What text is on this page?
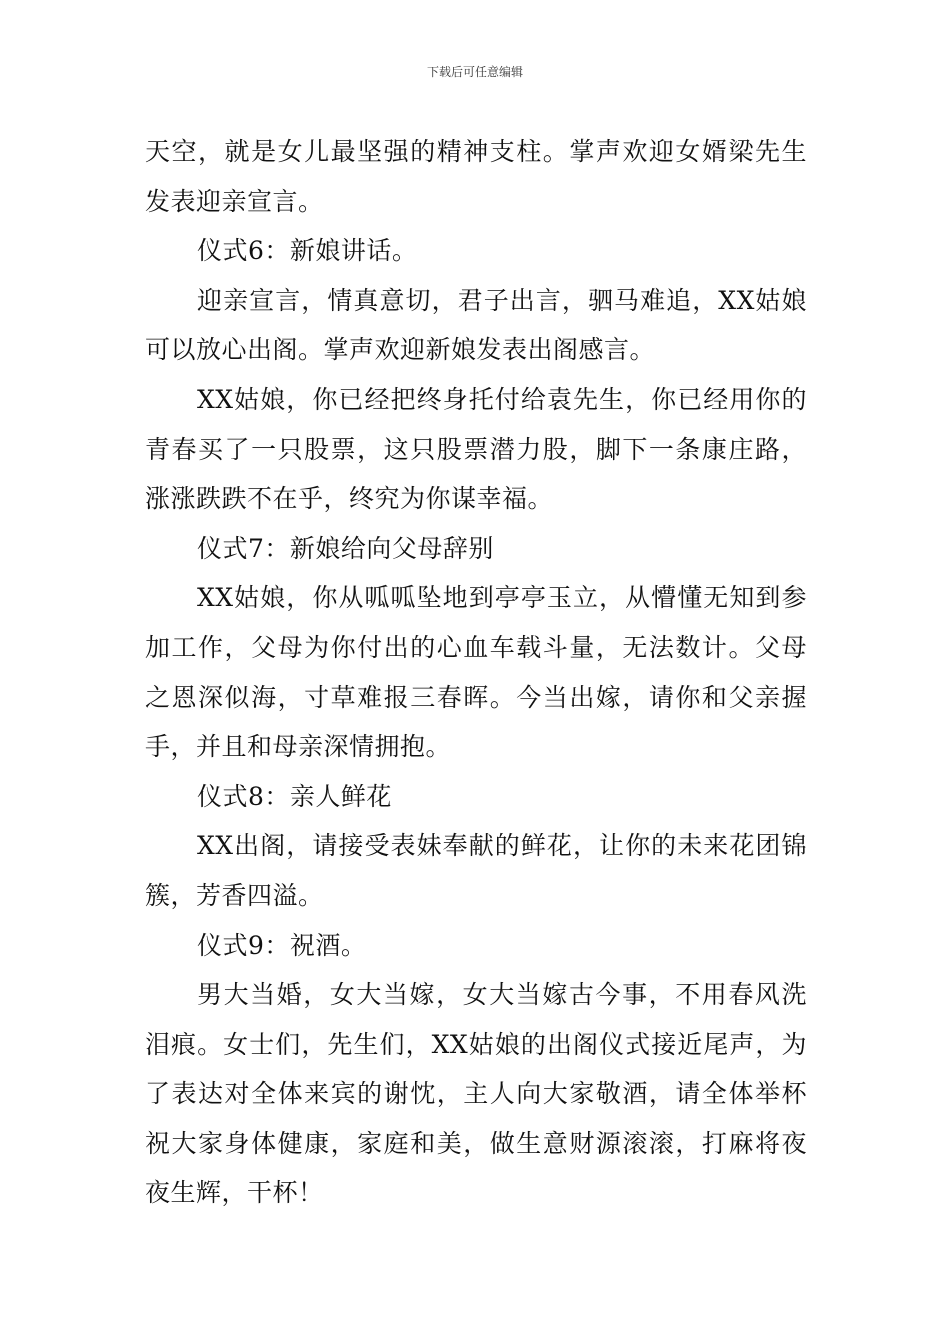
下载后可任意编辑

天空，就是女儿最坚强的精神支柱。掌声欢迎女婿梁先生发表迎亲宣言。

仪式6：新娘讲话。

迎亲宣言，情真意切，君子出言，驷马难追，XX姑娘可以放心出阁。掌声欢迎新娘发表出阁感言。

XX姑娘，你已经把终身托付给袁先生，你已经用你的青春买了一只股票，这只股票潜力股，脚下一条康庄路，涨涨跌跌不在乎，终究为你谋幸福。

仪式7：新娘给向父母辞别

XX姑娘，你从呱呱坠地到亭亭玉立，从懵懂无知到参加工作，父母为你付出的心血车载斗量，无法数计。父母之恩深似海，寸草难报三春晖。今当出嫁，请你和父亲握手，并且和母亲深情拥抱。

仪式8：亲人鲜花

XX出阁，请接受表妹奉献的鲜花，让你的未来花团锦簇，芳香四溢。

仪式9：祝酒。

男大当婚，女大当嫁，女大当嫁古今事，不用春风洗泪痕。女士们，先生们，XX姑娘的出阁仪式接近尾声，为了表达对全体来宾的谢忱，主人向大家敬酒，请全体举杯祝大家身体健康，家庭和美，做生意财源滚滚，打麻将夜夜生辉，干杯！
